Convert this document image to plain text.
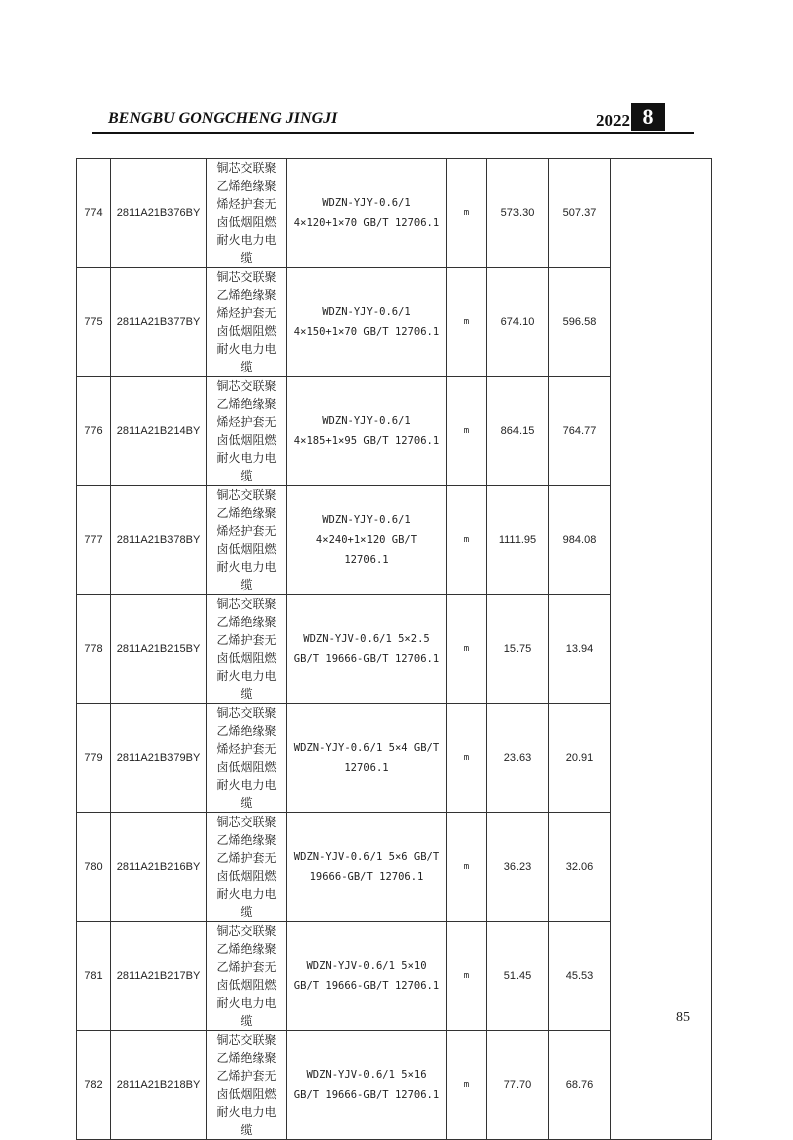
BENGBU GONGCHENG JINGJI	2022 8
774	2811A21B376BY	铜芯交联聚乙烯绝缘聚烯烃护套无卤低烟阻燃耐火电力电缆	WDZN-YJY-0.6/1 4×120+1×70 GB/T 12706.1	m	573.30	507.37	
775	2811A21B377BY	铜芯交联聚乙烯绝缘聚烯烃护套无卤低烟阻燃耐火电力电缆	WDZN-YJY-0.6/1 4×150+1×70 GB/T 12706.1	m	674.10	596.58	
776	2811A21B214BY	铜芯交联聚乙烯绝缘聚烯烃护套无卤低烟阻燃耐火电力电缆	WDZN-YJY-0.6/1 4×185+1×95 GB/T 12706.1	m	864.15	764.77	
777	2811A21B378BY	铜芯交联聚乙烯绝缘聚烯烃护套无卤低烟阻燃耐火电力电缆	WDZN-YJY-0.6/1 4×240+1×120 GB/T 12706.1	m	1111.95	984.08	
778	2811A21B215BY	铜芯交联聚乙烯绝缘聚乙烯护套无卤低烟阻燃耐火电力电缆	WDZN-YJV-0.6/1 5×2.5 GB/T 19666-GB/T 12706.1	m	15.75	13.94	
779	2811A21B379BY	铜芯交联聚乙烯绝缘聚烯烃护套无卤低烟阻燃耐火电力电缆	WDZN-YJY-0.6/1 5×4 GB/T 12706.1	m	23.63	20.91	
780	2811A21B216BY	铜芯交联聚乙烯绝缘聚乙烯护套无卤低烟阻燃耐火电力电缆	WDZN-YJV-0.6/1 5×6 GB/T 19666-GB/T 12706.1	m	36.23	32.06	
781	2811A21B217BY	铜芯交联聚乙烯绝缘聚乙烯护套无卤低烟阻燃耐火电力电缆	WDZN-YJV-0.6/1 5×10 GB/T 19666-GB/T 12706.1	m	51.45	45.53	
782	2811A21B218BY	铜芯交联聚乙烯绝缘聚乙烯护套无卤低烟阻燃耐火电力电缆	WDZN-YJV-0.6/1 5×16 GB/T 19666-GB/T 12706.1	m	77.70	68.76	
85
